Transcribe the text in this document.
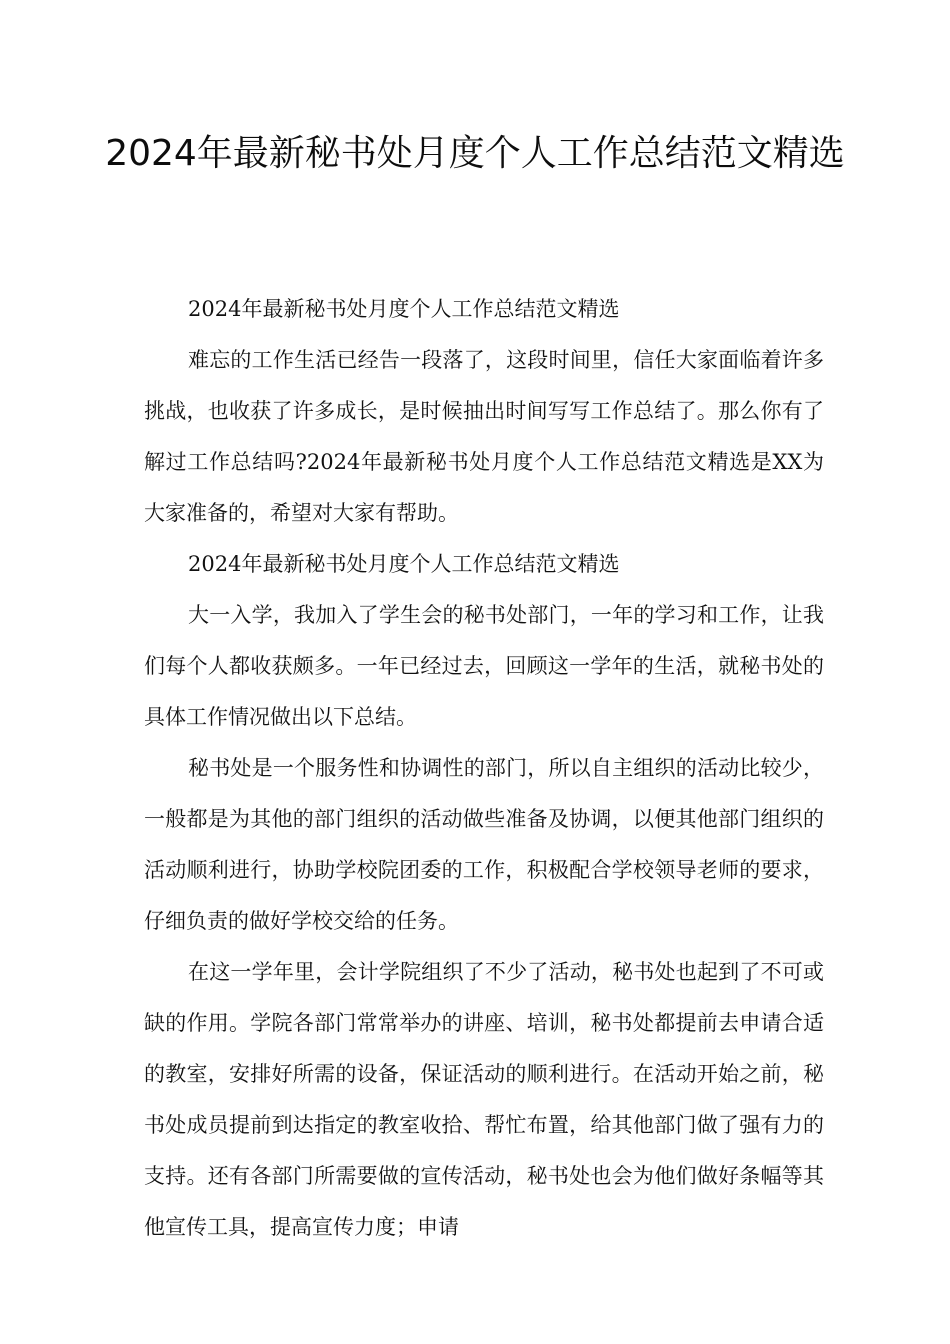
2024年最新秘书处月度个人工作总结范文精选

2024年最新秘书处月度个人工作总结范文精选

难忘的工作生活已经告一段落了，这段时间里，信任大家面临着许多挑战，也收获了许多成长，是时候抽出时间写写工作总结了。那么你有了解过工作总结吗?2024年最新秘书处月度个人工作总结范文精选是XX为大家准备的，希望对大家有帮助。

2024年最新秘书处月度个人工作总结范文精选

大一入学，我加入了学生会的秘书处部门，一年的学习和工作，让我们每个人都收获颇多。一年已经过去，回顾这一学年的生活，就秘书处的具体工作情况做出以下总结。

秘书处是一个服务性和协调性的部门，所以自主组织的活动比较少，一般都是为其他的部门组织的活动做些准备及协调，以便其他部门组织的活动顺利进行，协助学校院团委的工作，积极配合学校领导老师的要求，仔细负责的做好学校交给的任务。

在这一学年里，会计学院组织了不少了活动，秘书处也起到了不可或缺的作用。学院各部门常常举办的讲座、培训，秘书处都提前去申请合适的教室，安排好所需的设备，保证活动的顺利进行。在活动开始之前，秘书处成员提前到达指定的教室收拾、帮忙布置，给其他部门做了强有力的支持。还有各部门所需要做的宣传活动，秘书处也会为他们做好条幅等其他宣传工具，提高宣传力度；申请
